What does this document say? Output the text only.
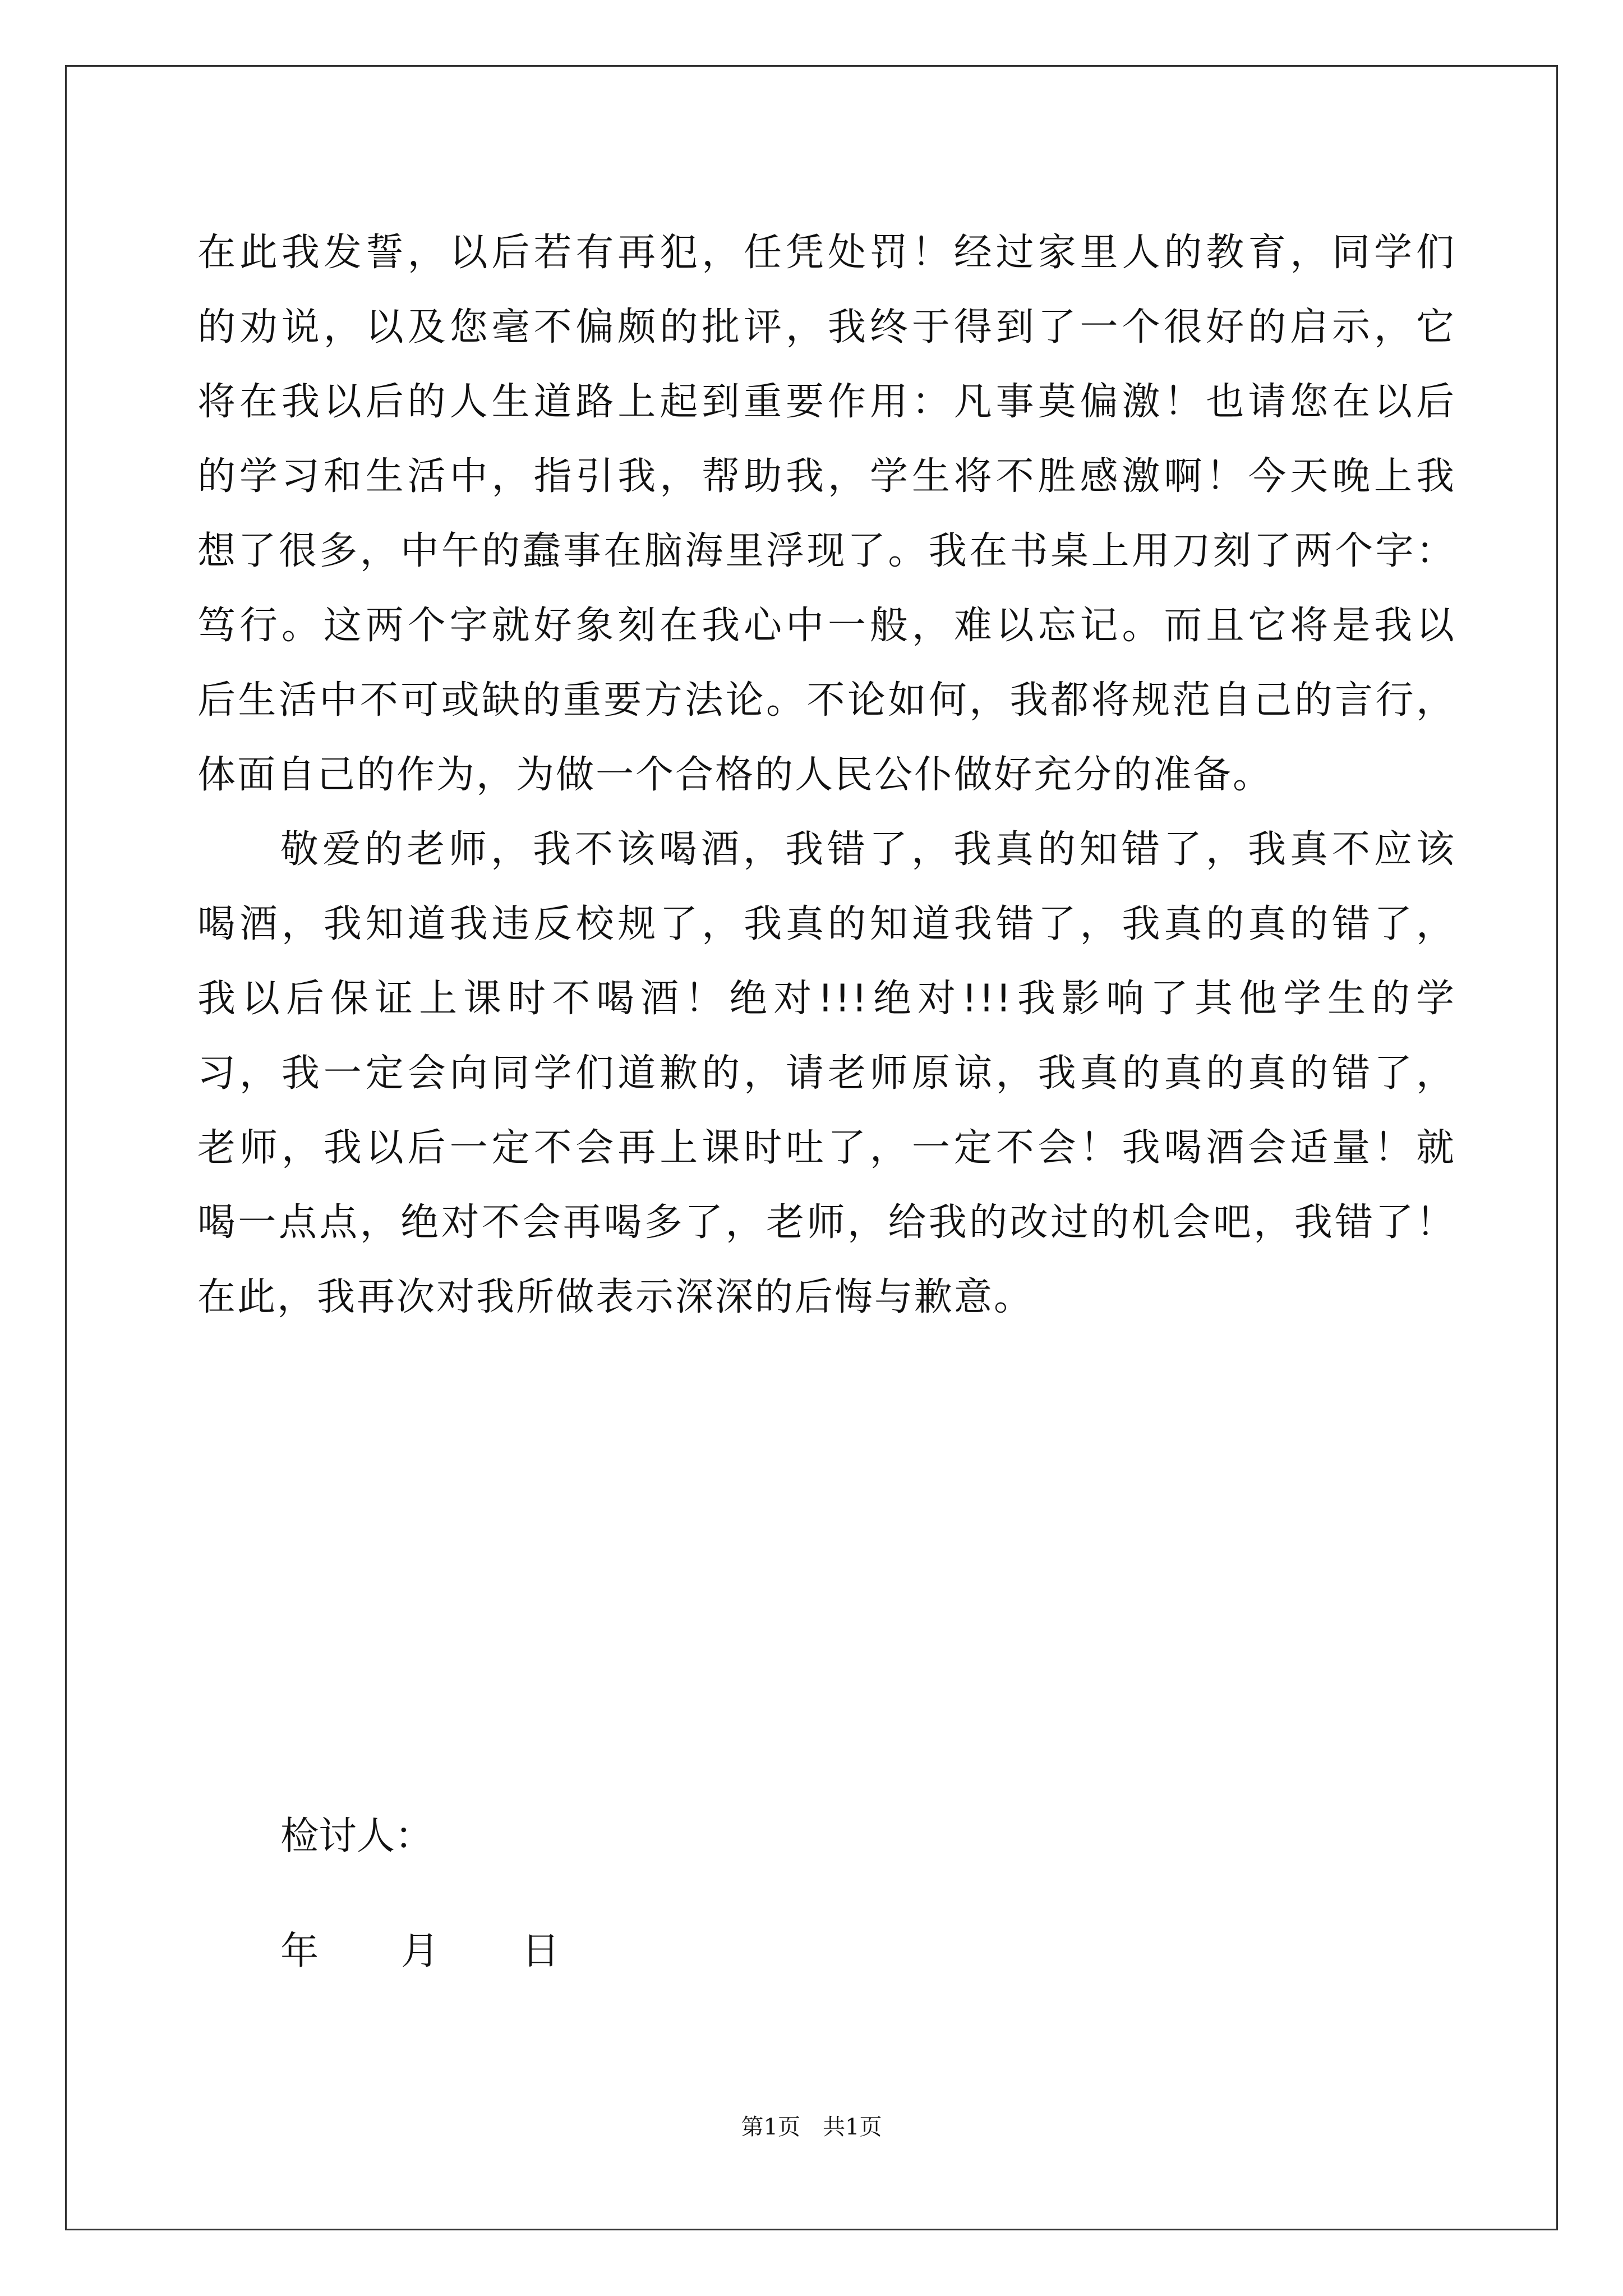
在此我发誓，以后若有再犯，任凭处罚！经过家里人的教育，同学们
的劝说，以及您毫不偏颇的批评，我终于得到了一个很好的启示，它
将在我以后的人生道路上起到重要作用：凡事莫偏激！也请您在以后
的学习和生活中，指引我，帮助我，学生将不胜感激啊！今天晚上我
想了很多，中午的蠢事在脑海里浮现了。我在书桌上用刀刻了两个字：
笃行。这两个字就好象刻在我心中一般，难以忘记。而且它将是我以
后生活中不可或缺的重要方法论。不论如何，我都将规范自己的言行，
体面自己的作为，为做一个合格的人民公仆做好充分的准备。
敬爱的老师，我不该喝酒，我错了，我真的知错了，我真不应该
喝酒，我知道我违反校规了，我真的知道我错了，我真的真的错了，
我以后保证上课时不喝酒！绝对!!!绝对!!!我影响了其他学生的学
习，我一定会向同学们道歉的，请老师原谅，我真的真的真的错了，
老师，我以后一定不会再上课时吐了，一定不会！我喝酒会适量！就
喝一点点，绝对不会再喝多了，老师，给我的改过的机会吧，我错了！
在此，我再次对我所做表示深深的后悔与歉意。
检讨人：
年	月	日
第1页　共1页
